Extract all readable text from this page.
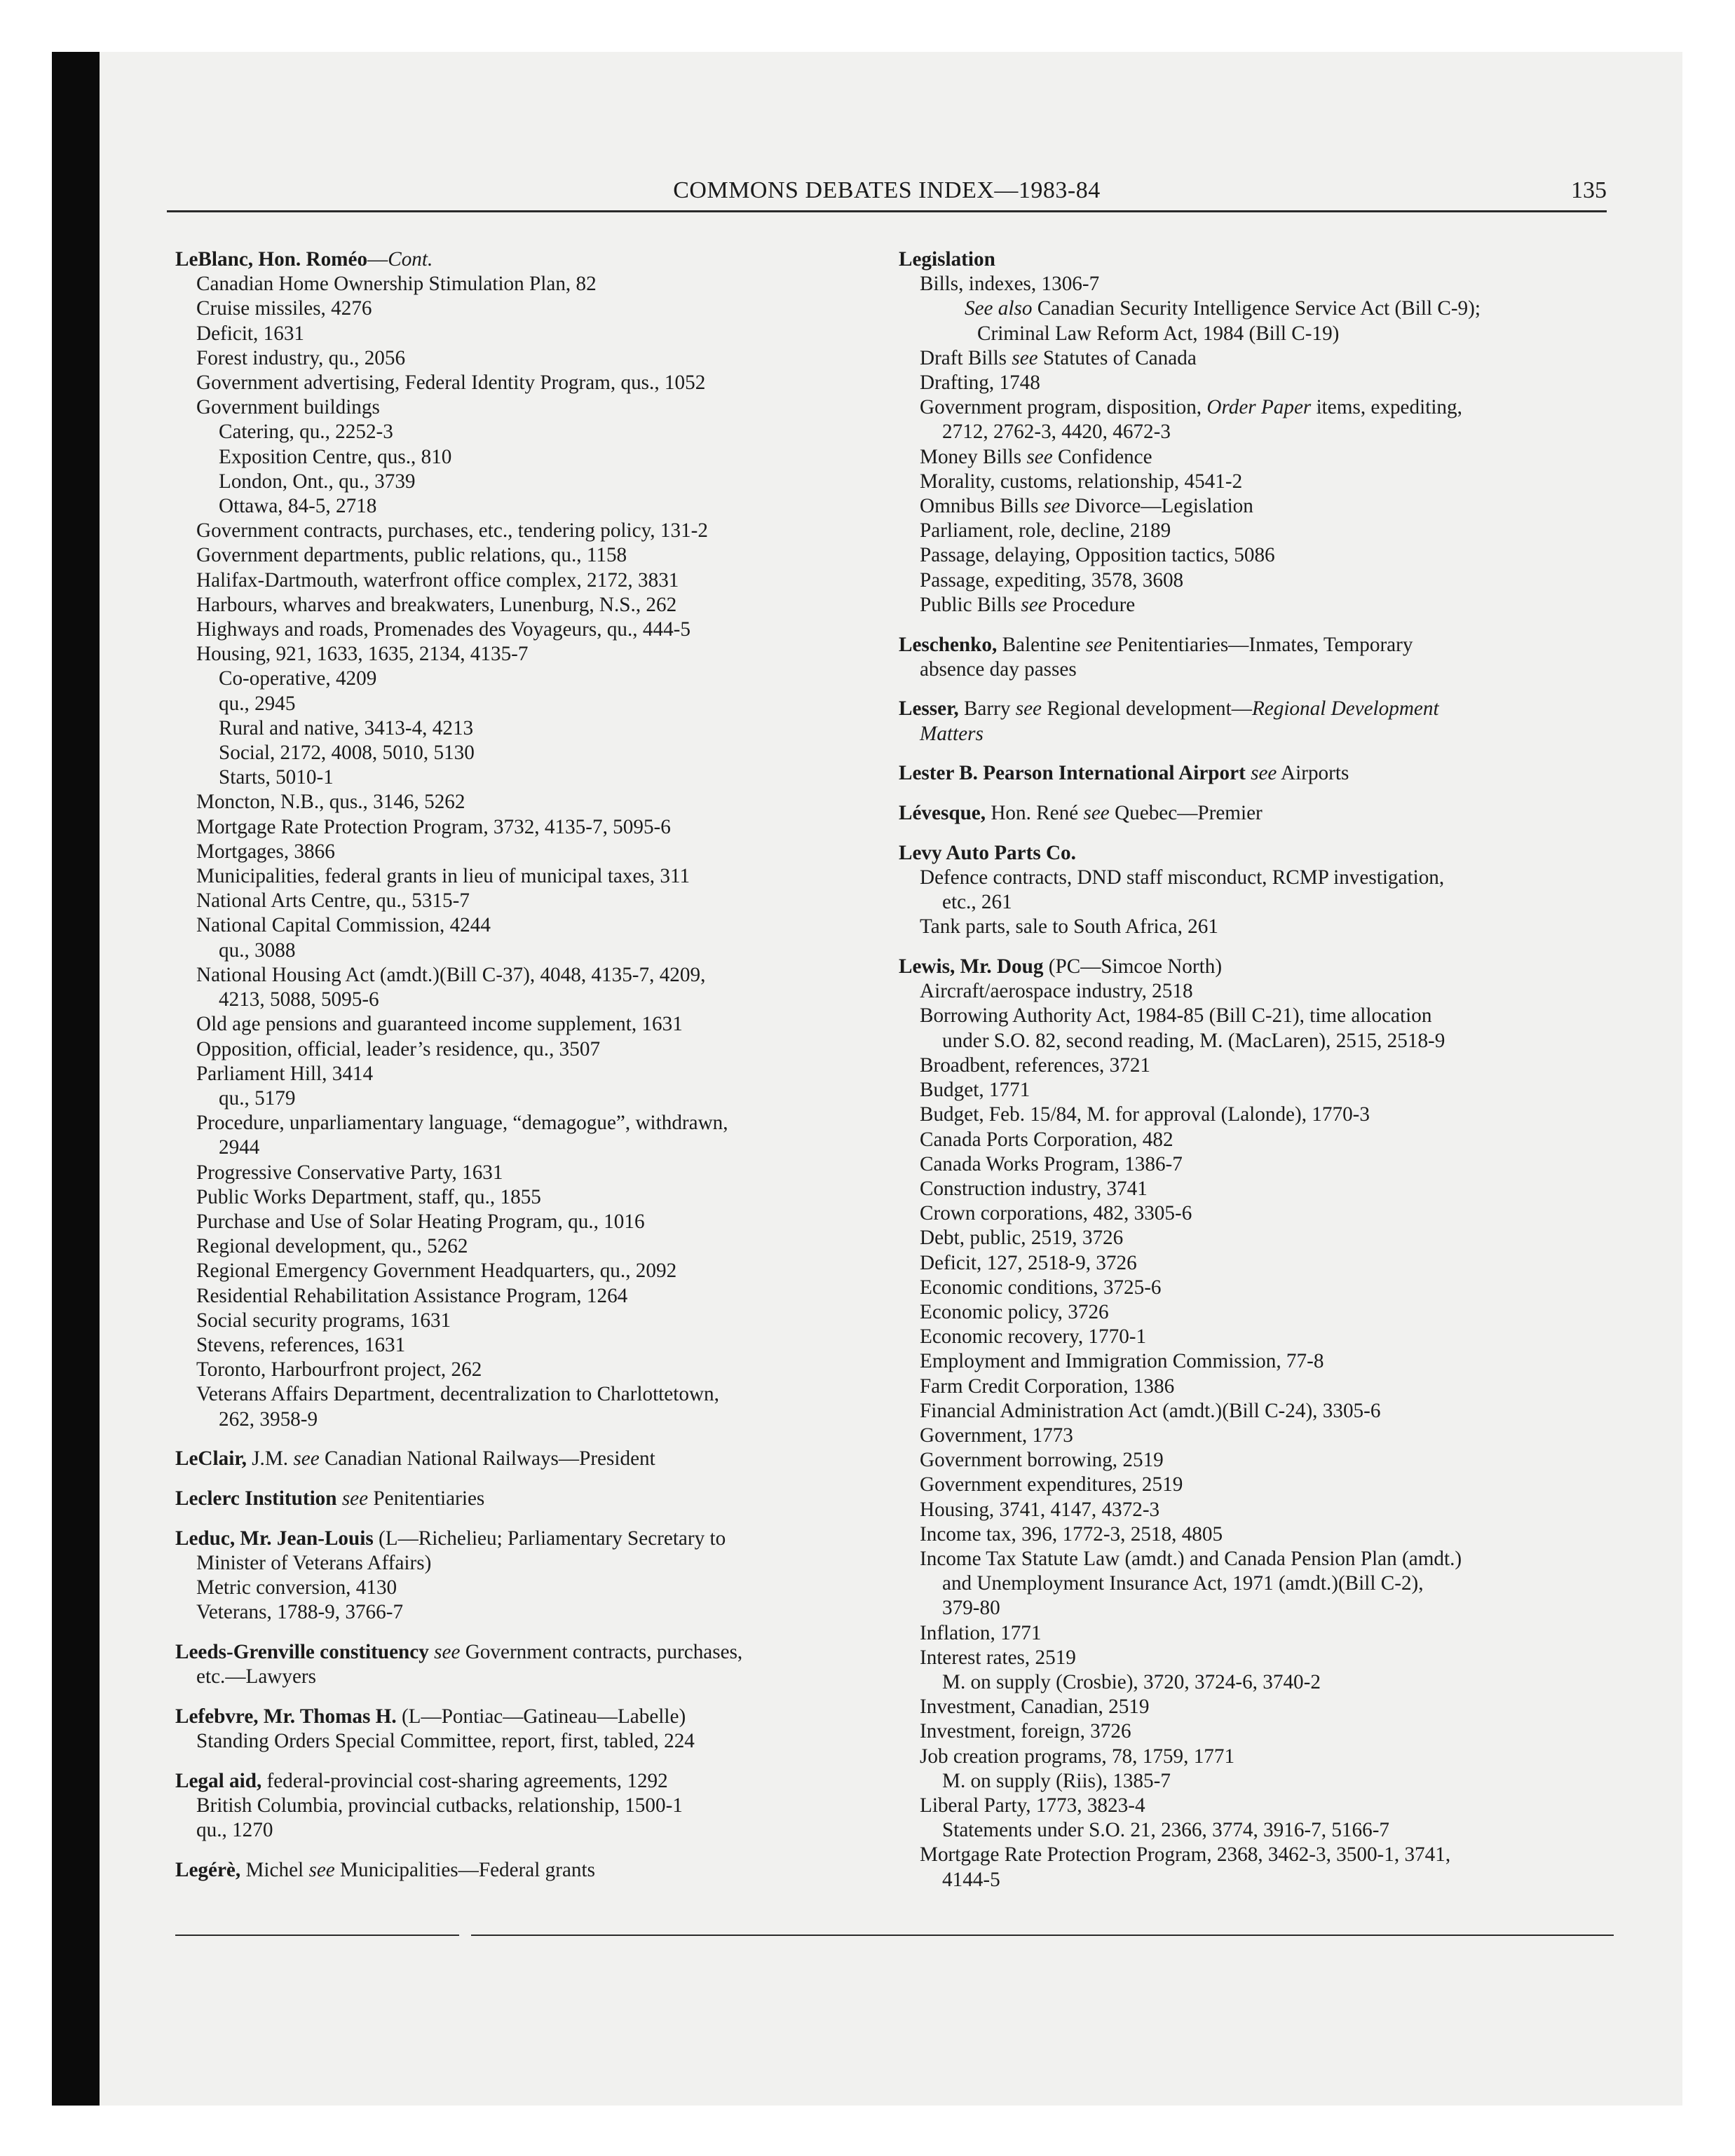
COMMONS DEBATES INDEX—1983-84	135
LeBlanc, Hon. Roméo—Cont.
Canadian Home Ownership Stimulation Plan, 82
Cruise missiles, 4276
Deficit, 1631
Forest industry, qu., 2056
Government advertising, Federal Identity Program, qus., 1052
Government buildings
Catering, qu., 2252-3
Exposition Centre, qus., 810
London, Ont., qu., 3739
Ottawa, 84-5, 2718
Government contracts, purchases, etc., tendering policy, 131-2
Government departments, public relations, qu., 1158
Halifax-Dartmouth, waterfront office complex, 2172, 3831
Harbours, wharves and breakwaters, Lunenburg, N.S., 262
Highways and roads, Promenades des Voyageurs, qu., 444-5
Housing, 921, 1633, 1635, 2134, 4135-7
Co-operative, 4209
qu., 2945
Rural and native, 3413-4, 4213
Social, 2172, 4008, 5010, 5130
Starts, 5010-1
Moncton, N.B., qus., 3146, 5262
Mortgage Rate Protection Program, 3732, 4135-7, 5095-6
Mortgages, 3866
Municipalities, federal grants in lieu of municipal taxes, 311
National Arts Centre, qu., 5315-7
National Capital Commission, 4244
qu., 3088
National Housing Act (amdt.)(Bill C-37), 4048, 4135-7, 4209,
4213, 5088, 5095-6
Old age pensions and guaranteed income supplement, 1631
Opposition, official, leader’s residence, qu., 3507
Parliament Hill, 3414
qu., 5179
Procedure, unparliamentary language, “demagogue”, withdrawn,
2944
Progressive Conservative Party, 1631
Public Works Department, staff, qu., 1855
Purchase and Use of Solar Heating Program, qu., 1016
Regional development, qu., 5262
Regional Emergency Government Headquarters, qu., 2092
Residential Rehabilitation Assistance Program, 1264
Social security programs, 1631
Stevens, references, 1631
Toronto, Harbourfront project, 262
Veterans Affairs Department, decentralization to Charlottetown,
262, 3958-9
LeClair, J.M. see Canadian National Railways—President
Leclerc Institution see Penitentiaries
Leduc, Mr. Jean-Louis (L—Richelieu; Parliamentary Secretary to
Minister of Veterans Affairs)
Metric conversion, 4130
Veterans, 1788-9, 3766-7
Leeds-Grenville constituency see Government contracts, purchases,
etc.—Lawyers
Lefebvre, Mr. Thomas H. (L—Pontiac—Gatineau—Labelle)
Standing Orders Special Committee, report, first, tabled, 224
Legal aid, federal-provincial cost-sharing agreements, 1292
British Columbia, provincial cutbacks, relationship, 1500-1
qu., 1270
Legérè, Michel see Municipalities—Federal grants
Legislation
Bills, indexes, 1306-7
See also Canadian Security Intelligence Service Act (Bill C-9);
Criminal Law Reform Act, 1984 (Bill C-19)
Draft Bills see Statutes of Canada
Drafting, 1748
Government program, disposition, Order Paper items, expediting,
2712, 2762-3, 4420, 4672-3
Money Bills see Confidence
Morality, customs, relationship, 4541-2
Omnibus Bills see Divorce—Legislation
Parliament, role, decline, 2189
Passage, delaying, Opposition tactics, 5086
Passage, expediting, 3578, 3608
Public Bills see Procedure
Leschenko, Balentine see Penitentiaries—Inmates, Temporary
absence day passes
Lesser, Barry see Regional development—Regional Development
Matters
Lester B. Pearson International Airport see Airports
Lévesque, Hon. René see Quebec—Premier
Levy Auto Parts Co.
Defence contracts, DND staff misconduct, RCMP investigation,
etc., 261
Tank parts, sale to South Africa, 261
Lewis, Mr. Doug (PC—Simcoe North)
Aircraft/aerospace industry, 2518
Borrowing Authority Act, 1984-85 (Bill C-21), time allocation
under S.O. 82, second reading, M. (MacLaren), 2515, 2518-9
Broadbent, references, 3721
Budget, 1771
Budget, Feb. 15/84, M. for approval (Lalonde), 1770-3
Canada Ports Corporation, 482
Canada Works Program, 1386-7
Construction industry, 3741
Crown corporations, 482, 3305-6
Debt, public, 2519, 3726
Deficit, 127, 2518-9, 3726
Economic conditions, 3725-6
Economic policy, 3726
Economic recovery, 1770-1
Employment and Immigration Commission, 77-8
Farm Credit Corporation, 1386
Financial Administration Act (amdt.)(Bill C-24), 3305-6
Government, 1773
Government borrowing, 2519
Government expenditures, 2519
Housing, 3741, 4147, 4372-3
Income tax, 396, 1772-3, 2518, 4805
Income Tax Statute Law (amdt.) and Canada Pension Plan (amdt.)
and Unemployment Insurance Act, 1971 (amdt.)(Bill C-2),
379-80
Inflation, 1771
Interest rates, 2519
M. on supply (Crosbie), 3720, 3724-6, 3740-2
Investment, Canadian, 2519
Investment, foreign, 3726
Job creation programs, 78, 1759, 1771
M. on supply (Riis), 1385-7
Liberal Party, 1773, 3823-4
Statements under S.O. 21, 2366, 3774, 3916-7, 5166-7
Mortgage Rate Protection Program, 2368, 3462-3, 3500-1, 3741,
4144-5
